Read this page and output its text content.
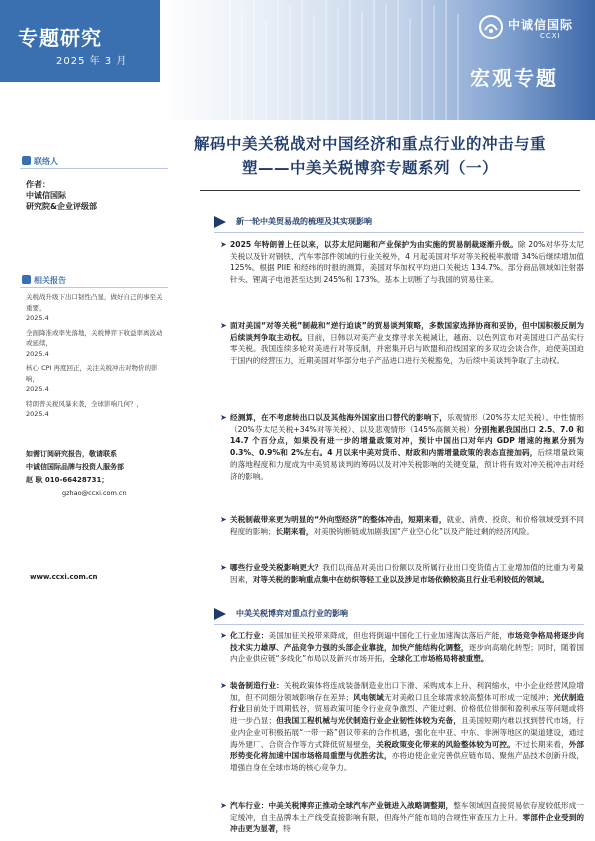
专题研究
2025 年 3 月
中诚信国际
CCXI
宏观专题
解码中美关税战对中国经济和重点行业的冲击与重
塑——中美关税博弈专题系列（一）
联络人
作者：
中诚信国际
研究院&企业评级部
相关报告
关税战升级下出口韧性凸显，做好自己的事至关重要，
2025.4
全面降准或率先落地，关税博弈下收益率离波动或延续，
2025.4
核心 CPI 再度回正，关注关税冲击对物价的影响，
2025.4
特朗普关税风暴来袭，全球影响几何？，
2025.4
如需订阅研究报告，敬请联系
中诚信国际品牌与投资人服务部
赵 耿 010-66428731；
gzhao@ccxi.com.cn
www.ccxi.com.cn
新一轮中美贸易战的梳理及其实现影响
➤ 2025 年特朗普上任以来，以芬太尼问题和产业保护为由实施的贸易制裁逐渐升级。除 20%对华芬太尼关税以及针对钢铁、汽车零部件领域的行业关税外，4 月起美国对华对等关税税率激增 34%后继续增加值 125%。根据 PIIE 和经纬的时报的测算，美国对华加权平均进口关税达 134.7%。部分商品领域如注射器针头、锂离子电池甚至达到 245%和 173%。基本上切断了与我国的贸易往来。
➤ 面对美国“对等关税”制裁和“逆行迫谈”的贸易谈判策略，多数国家选择协商和妥协，但中国积极反制为后续谈判争取主动权。目前，日韩以对美产业支撑寻求关税减让，越南、以色列宣布对美国进口产品实行零关税。我国连续多轮对美进行对等反制，并密集开启与欧盟和沿线国家的多双边会谈合作，迫使美国迫于国内的经营压力，近期美国对华部分电子产品进口进行关税豁免，为后续中美谈判争取了主动权。
➤ 经测算，在不考虑转出口以及其他海外国家出口替代的影响下，乐观情形（20%芬太尼关税）、中性情形（20%芬太尼关税+34%对等关税）、以及悲观情形（145%高额关税）分别拖累我国出口 2.5、7.0 和 14.7 个百分点，如果没有进一步的增量政策对冲，预计中国出口对年内 GDP 增速的拖累分别为 0.3%、0.9%和 2%左右。4 月以来中美对货币、财政和内需增量政策的表态直接加码，后续增量政策的落地程度和力度成为中美贸易谈判的筹码以及对冲关税影响的关键变量，预计将有效对冲关税冲击对经济的影响。
➤ 关税制裁带来更为明显的“外向型经济”的整体冲击，短期来看，就业、消费、投资、和价格领域受到不同程度的影响；长期来看，对美脱钩断链或加剧我国“产业空心化”以及产能过剩的经济风险。
➤ 哪些行业受关税影响更大？我们以商品对美出口份额以及所属行业出口变货值占工业增加值的比重为考量因素，对等关税的影响重点集中在纺织等轻工业以及涉足市场依赖较高且行业毛利较低的领域。
中美关税博弈对重点行业的影响
➤ 化工行业：美国加征关税带来降成，但也将倒逼中国化工行业加速淘汰落后产能，市场竞争格局将逐步向技术实力雄厚、产品竞争力强的头部企业靠拢，加快产能结构化调整，逐步向高端化转型；同时，随着国内企业供应链“多线化”布局以及新兴市场开拓，全球化工市场格局将被重塑。
➤ 装备制造行业：关税政策体将连成装备制造业出口下滑、采购成本上升、利润缩水，中小企业经营风险增加，但不同细分领域影响存在差异；风电领域无对美敞口且全球需求较高整体可形成一定缓冲；光伏制造行业目前处于周期低谷，贸易政策可能令行业竞争激烈、产能过剩、价格低位徘徊和盈利承压等问题或将进一步凸显；但我国工程机械与光伏制造行业企业韧性体较为充备，且美国短期内难以找到替代市场，行业内企业可积极拓展“一带一路”倡议带来的合作机遇，强化在中亚、中东、非洲等地区的渠道建设，通过海外建厂、合资合作等方式降低贸易壁垒，关税政策变化带来的风险整体较为可控。不过长期来看，外部形势变化将加速中国市场格局重塑与优胜劣汰，亦将迫使企业完善供应链布局、聚焦产品技术创新升级，增强自身在全球市场的核心竞争力。
➤ 汽车行业：中美关税博弈正推动全球汽车产业链进入战略调整期，整车领域因直接贸易依存度较低形成一定缓冲，自主品牌本土产线受直接影响有限，但海外产能布局的合规性审查压力上升。零部件企业受到的冲击更为显著，特
